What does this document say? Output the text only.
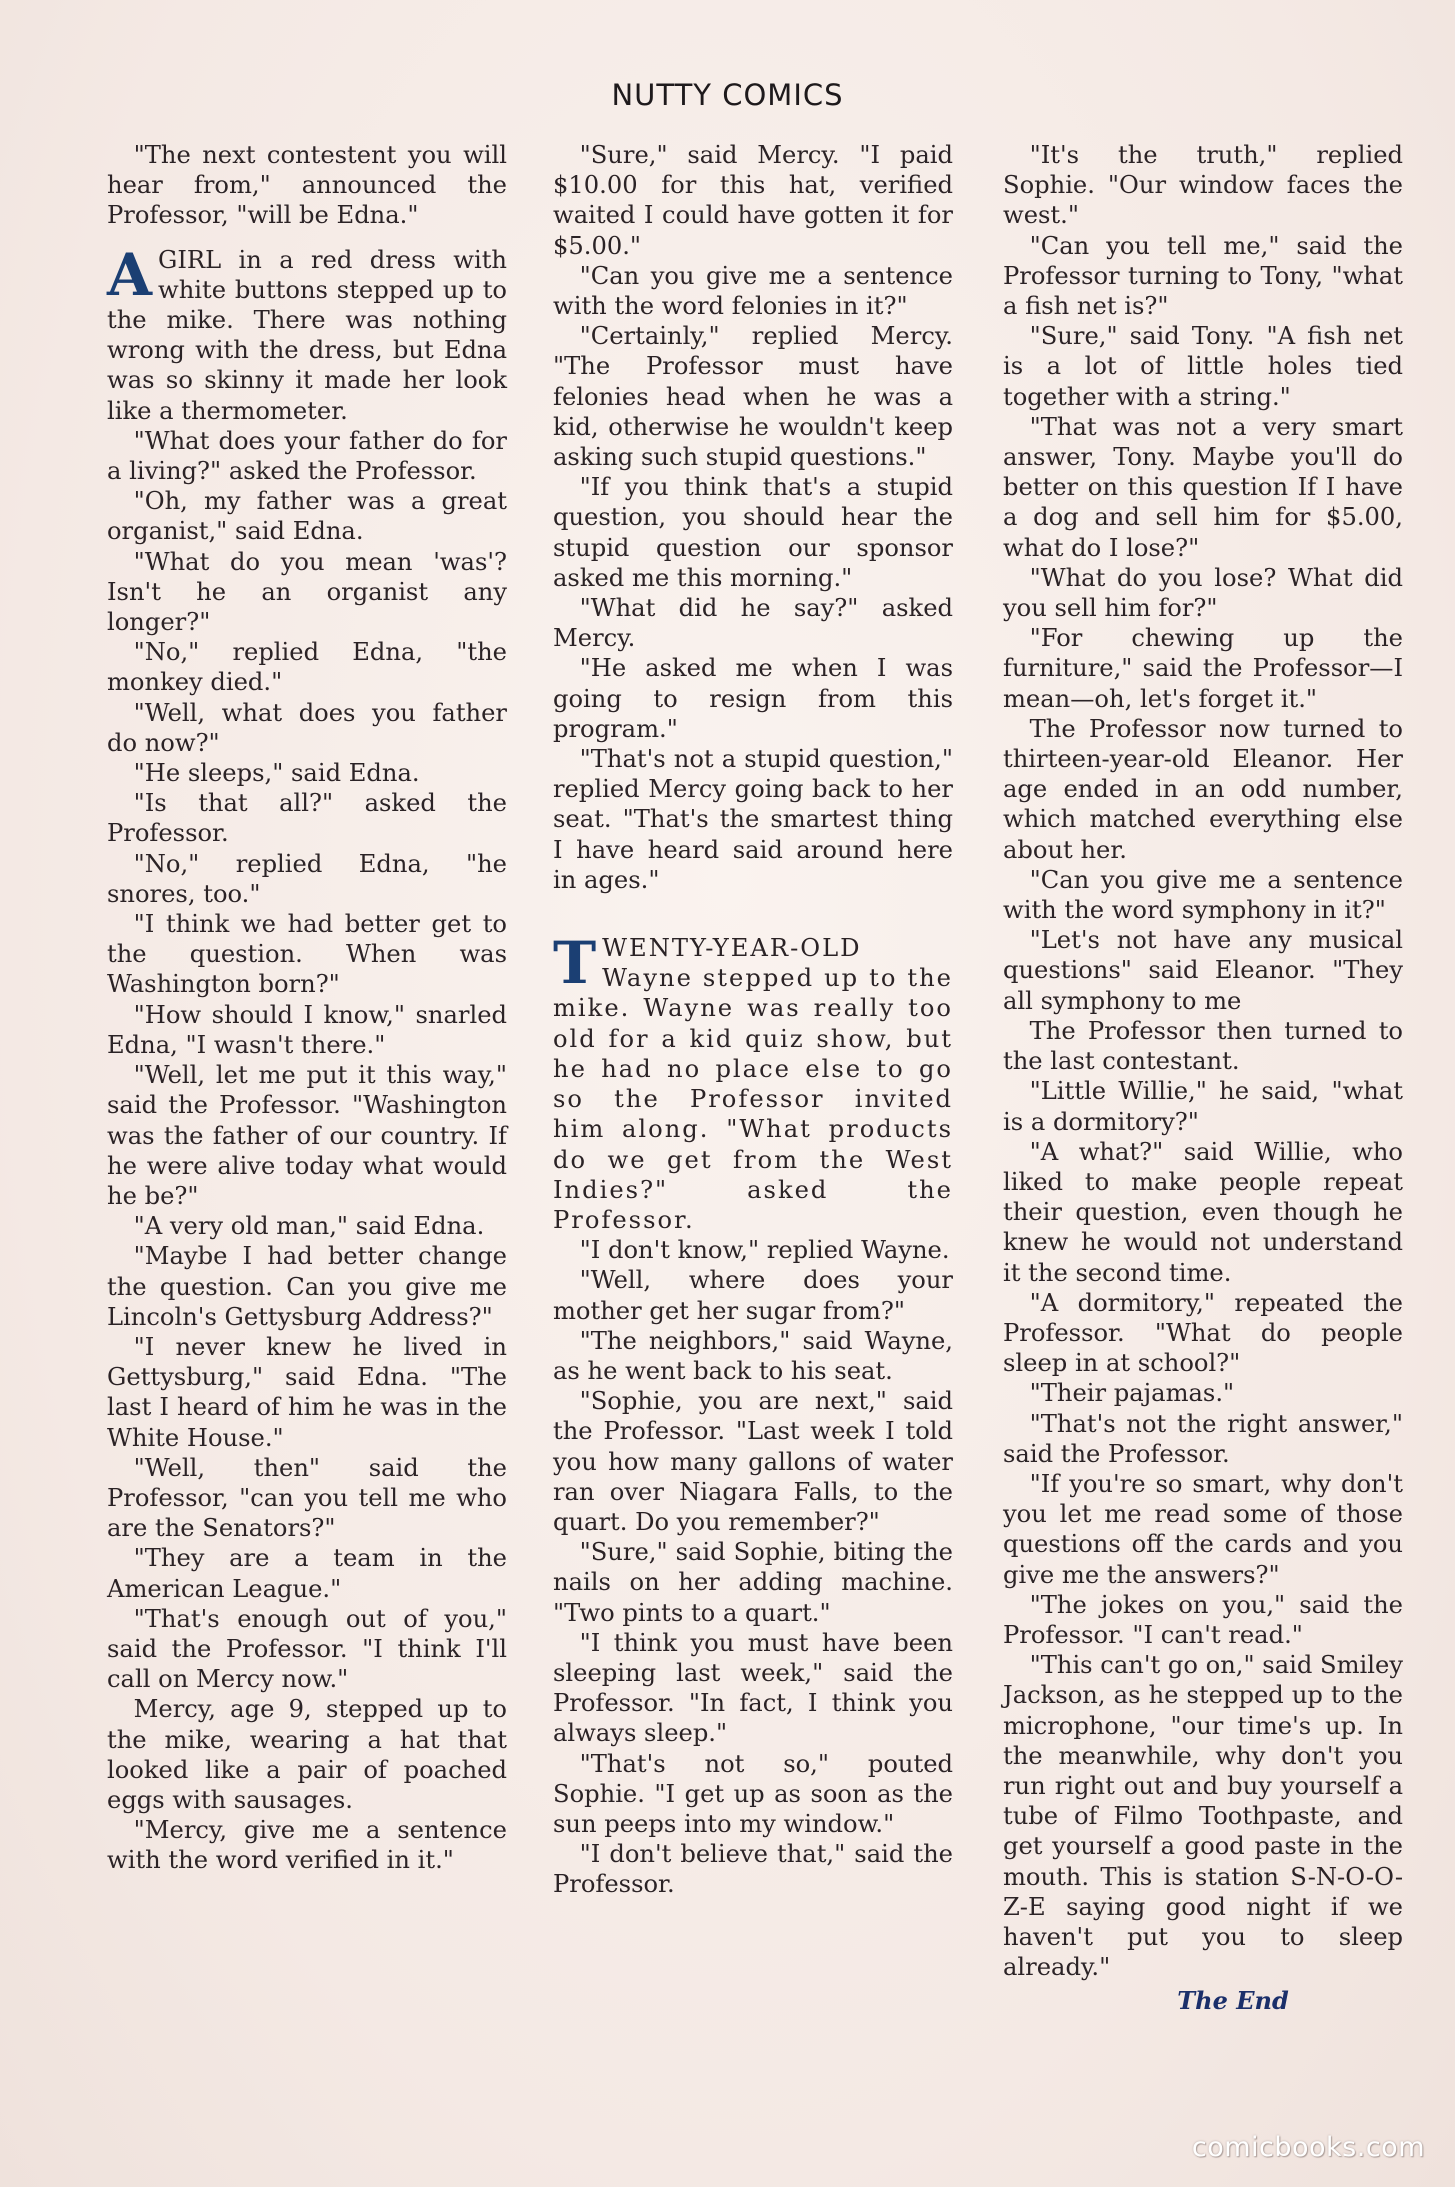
NUTTY COMICS

"The next contestent you will hear from," announced the Professor, "will be Edna."

AGIRL in a red dress with white buttons stepped up to the mike. There was nothing wrong with the dress, but Edna was so skinny it made her look like a thermometer.

"What does your father do for a living?" asked the Professor.

"Oh, my father was a great organist," said Edna.

"What do you mean 'was'? Isn't he an organist any longer?"

"No," replied Edna, "the monkey died."

"Well, what does you father do now?"

"He sleeps," said Edna.

"Is that all?" asked the Professor.

"No," replied Edna, "he snores, too."

"I think we had better get to the question. When was Washington born?"

"How should I know," snarled Edna, "I wasn't there."

"Well, let me put it this way," said the Professor. "Washington was the father of our country. If he were alive today what would he be?"

"A very old man," said Edna.

"Maybe I had better change the question. Can you give me Lincoln's Gettysburg Address?"

"I never knew he lived in Gettysburg," said Edna. "The last I heard of him he was in the White House."

"Well, then" said the Professor, "can you tell me who are the Senators?"

"They are a team in the American League."

"That's enough out of you," said the Professor. "I think I'll call on Mercy now."

Mercy, age 9, stepped up to the mike, wearing a hat that looked like a pair of poached eggs with sausages.

"Mercy, give me a sentence with the word verified in it."

"Sure," said Mercy. "I paid $10.00 for this hat, verified waited I could have gotten it for $5.00."

"Can you give me a sentence with the word felonies in it?"

"Certainly," replied Mercy. "The Professor must have felonies head when he was a kid, otherwise he wouldn't keep asking such stupid questions."

"If you think that's a stupid question, you should hear the stupid question our sponsor asked me this morning."

"What did he say?" asked Mercy.

"He asked me when I was going to resign from this program."

"That's not a stupid question," replied Mercy going back to her seat. "That's the smartest thing I have heard said around here in ages."

TWENTY-YEAR-OLD Wayne stepped up to the mike. Wayne was really too old for a kid quiz show, but he had no place else to go so the Professor invited him along. "What products do we get from the West Indies?" asked the Professor.

"I don't know," replied Wayne.

"Well, where does your mother get her sugar from?"

"The neighbors," said Wayne, as he went back to his seat.

"Sophie, you are next," said the Professor. "Last week I told you how many gallons of water ran over Niagara Falls, to the quart. Do you remember?"

"Sure," said Sophie, biting the nails on her adding machine. "Two pints to a quart."

"I think you must have been sleeping last week," said the Professor. "In fact, I think you always sleep."

"That's not so," pouted Sophie. "I get up as soon as the sun peeps into my window."

"I don't believe that," said the Professor.

"It's the truth," replied Sophie. "Our window faces the west."

"Can you tell me," said the Professor turning to Tony, "what a fish net is?"

"Sure," said Tony. "A fish net is a lot of little holes tied together with a string."

"That was not a very smart answer, Tony. Maybe you'll do better on this question If I have a dog and sell him for $5.00, what do I lose?"

"What do you lose? What did you sell him for?"

"For chewing up the furniture," said the Professor—I mean—oh, let's forget it."

The Professor now turned to thirteen-year-old Eleanor. Her age ended in an odd number, which matched everything else about her.

"Can you give me a sentence with the word symphony in it?"

"Let's not have any musical questions" said Eleanor. "They all symphony to me

The Professor then turned to the last contestant.

"Little Willie," he said, "what is a dormitory?"

"A what?" said Willie, who liked to make people repeat their question, even though he knew he would not understand it the second time.

"A dormitory," repeated the Professor. "What do people sleep in at school?"

"Their pajamas."

"That's not the right answer," said the Professor.

"If you're so smart, why don't you let me read some of those questions off the cards and you give me the answers?"

"The jokes on you," said the Professor. "I can't read."

"This can't go on," said Smiley Jackson, as he stepped up to the microphone, "our time's up. In the meanwhile, why don't you run right out and buy yourself a tube of Filmo Toothpaste, and get yourself a good paste in the mouth. This is station S-N-O-O-Z-E saying good night if we haven't put you to sleep already."

The End
comicbooks.com
